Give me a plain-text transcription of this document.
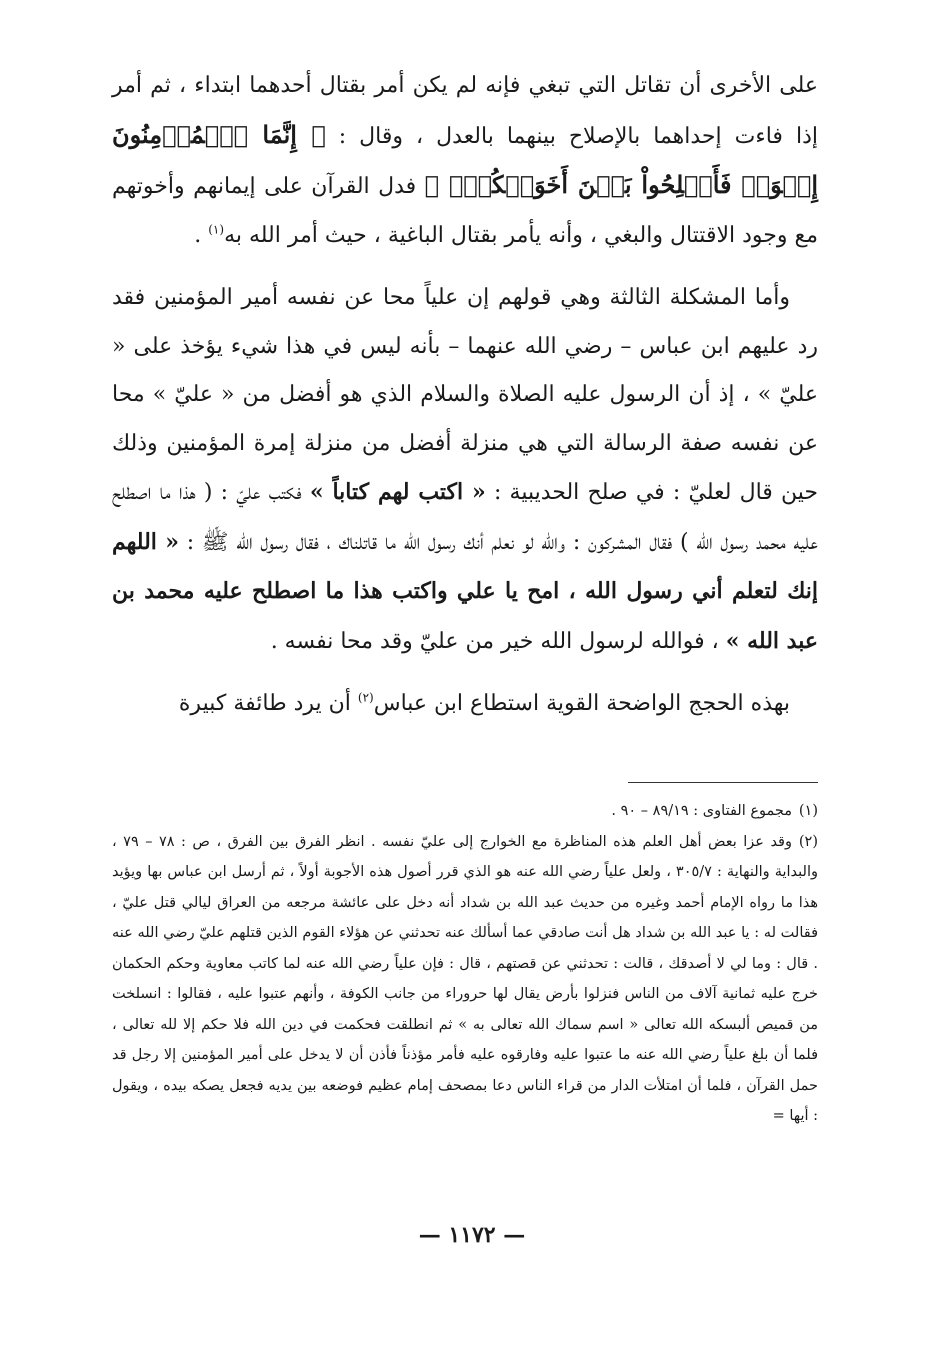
على الأخرى أن تقاتل التي تبغي فإنه لم يكن أمر بقتال أحدهما ابتداء ، ثم أمر إذا فاءت إحداهما بالإصلاح بينهما بالعدل ، وقال : ﴿ إِنَّمَا ٱلۡمُؤۡمِنُونَ إِخۡوَةٞ فَأَصۡلِحُواْ بَيۡنَ أَخَوَيۡكُمۡۚ ﴾ فدل القرآن على إيمانهم وأخوتهم مع وجود الاقتتال والبغي ، وأنه يأمر بقتال الباغية ، حيث أمر الله به$^{(١)}$ .

وأما المشكلة الثالثة وهي قولهم إن علياً محا عن نفسه أمير المؤمنين فقد رد عليهم ابن عباس – رضي الله عنهما – بأنه ليس في هذا شيء يؤخذ على « عليّ » ، إذ أن الرسول عليه الصلاة والسلام الذي هو أفضل من « عليّ » محا عن نفسه صفة الرسالة التي هي منزلة أفضل من منزلة إمرة المؤمنين وذلك حين قال لعليّ : في صلح الحديبية : « اكتب لهم كتاباً » فكتب عليّ : ( هذا ما اصطلح عليه محمد رسول الله ) فقال المشركون : والله لو نعلم أنك رسول الله ما قاتلناك ، فقال رسول الله ﷺ : « اللهم إنك لتعلم أني رسول الله ، امح يا علي واكتب هذا ما اصطلح عليه محمد بن عبد الله » ، فوالله لرسول الله خير من عليّ وقد محا نفسه .

بهذه الحجج الواضحة القوية استطاع ابن عباس$^{(٢)}$ أن يرد طائفة كبيرة

(١)مجموع الفتاوى : ٨٩/١٩ – ٩٠ .

(٢)وقد عزا بعض أهل العلم هذه المناظرة مع الخوارج إلى عليّ نفسه . انظر الفرق بين الفرق ، ص : ٧٨ – ٧٩ ، والبداية والنهاية : ٣٠٥/٧ ، ولعل علياً رضي الله عنه هو الذي قرر أصول هذه الأجوبة أولاً ، ثم أرسل ابن عباس بها ويؤيد هذا ما رواه الإمام أحمد وغيره من حديث عبد الله بن شداد أنه دخل على عائشة مرجعه من العراق ليالي قتل عليّ ، فقالت له : يا عبد الله بن شداد هل أنت صادقي عما أسألك عنه تحدثني عن هؤلاء القوم الذين قتلهم عليّ رضي الله عنه . قال : وما لي لا أصدقك ، قالت : تحدثني عن قصتهم ، قال : فإن علياً رضي الله عنه لما كاتب معاوية وحكم الحكمان خرج عليه ثمانية آلاف من الناس فنزلوا بأرض يقال لها حروراء من جانب الكوفة ، وأنهم عتبوا عليه ، فقالوا : انسلخت من قميص ألبسكه الله تعالى « اسم سماك الله تعالى به » ثم انطلقت فحكمت في دين الله فلا حكم إلا لله تعالى ، فلما أن بلغ علياً رضي الله عنه ما عتبوا عليه وفارقوه عليه فأمر مؤذناً فأذن أن لا يدخل على أمير المؤمنين إلا رجل قد حمل القرآن ، فلما أن امتلأت الدار من قراء الناس دعا بمصحف إمام عظيم فوضعه بين يديه فجعل يصكه بيده ، ويقول : أيها =

— ١١٧٢ —
